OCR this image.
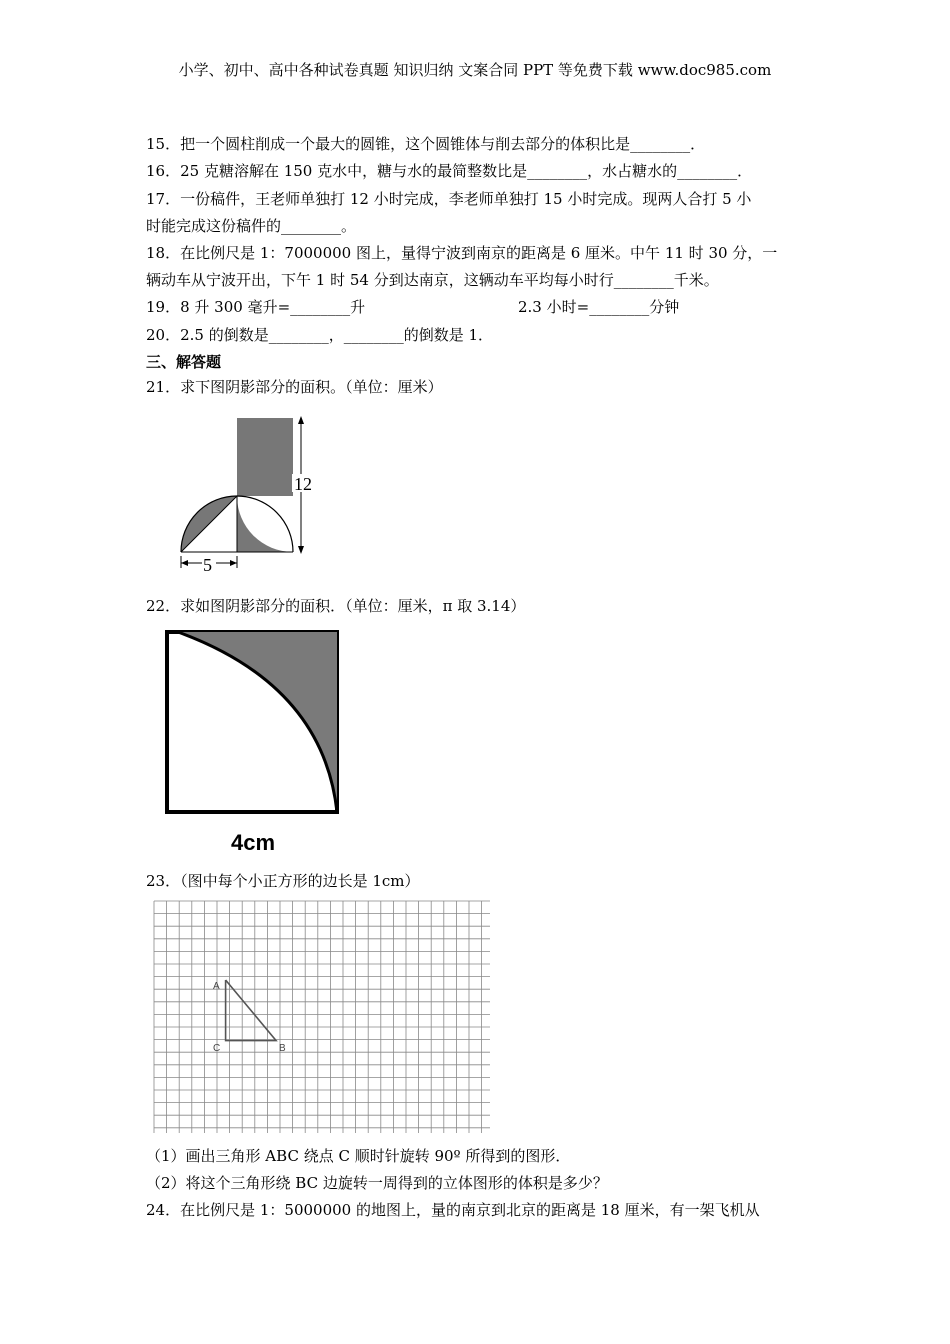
小学、初中、高中各种试卷真题 知识归纳 文案合同 PPT 等免费下载 www.doc985.com
15．把一个圆柱削成一个最大的圆锥，这个圆锥体与削去部分的体积比是________．
16．25 克糖溶解在 150 克水中，糖与水的最简整数比是________，水占糖水的________．
17．一份稿件，王老师单独打 12 小时完成，李老师单独打 15 小时完成。现两人合打 5 小
时能完成这份稿件的________。
18．在比例尺是 1：7000000 图上，量得宁波到南京的距离是 6 厘米。中午 11 时 30 分，一
辆动车从宁波开出，下午 1 时 54 分到达南京，这辆动车平均每小时行________千米。
19．8 升 300 毫升=________升	2.3 小时=________分钟
20．2.5 的倒数是________，________的倒数是 1．
三、解答题
21．求下图阴影部分的面积。（单位：厘米）
12
5
22．求如图阴影部分的面积．（单位：厘米，π 取 3.14）
4cm
23．（图中每个小正方形的边长是 1cm）
A
C	B
（1）画出三角形 ABC 绕点 C 顺时针旋转 90º 所得到的图形．
（2）将这个三角形绕 BC 边旋转一周得到的立体图形的体积是多少？
24．在比例尺是 1：5000000 的地图上，量的南京到北京的距离是 18 厘米，有一架飞机从
